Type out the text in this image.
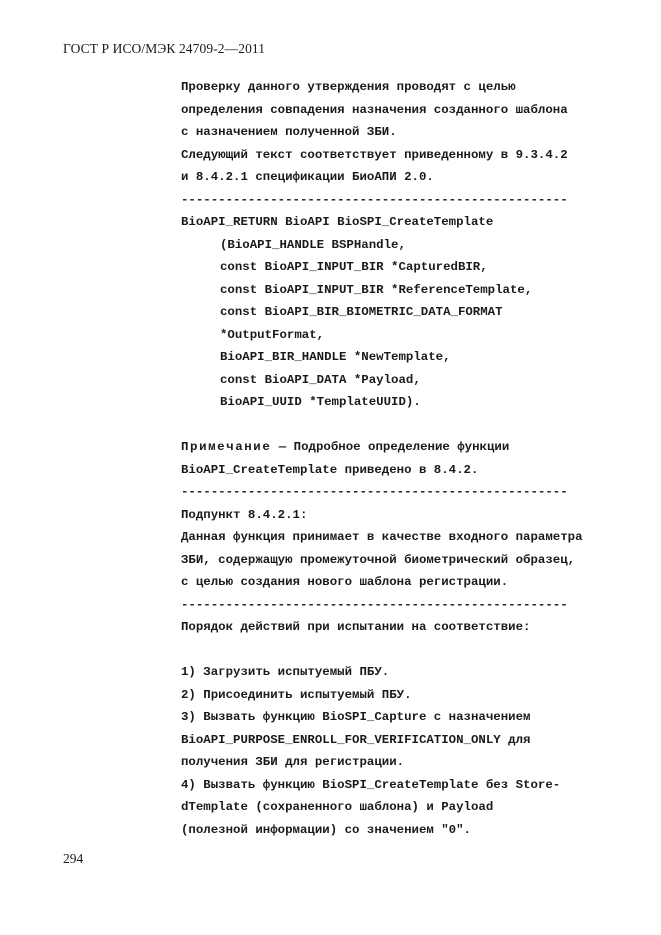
ГОСТ Р ИСО/МЭК 24709-2—2011
Проверку данного утверждения проводят с целью
определения совпадения назначения созданного шаблона
с назначением полученной ЗБИ.
Следующий текст соответствует приведенному в 9.3.4.2
и 8.4.2.1 спецификации БиоАПИ 2.0.
----------------------------------------------------
BioAPI_RETURN BioAPI BioSPI_CreateTemplate
(BioAPI_HANDLE BSPHandle,
const BioAPI_INPUT_BIR *CapturedBIR,
const BioAPI_INPUT_BIR *ReferenceTemplate,
const BioAPI_BIR_BIOMETRIC_DATA_FORMAT
*OutputFormat,
BioAPI_BIR_HANDLE *NewTemplate,
const BioAPI_DATA *Payload,
BioAPI_UUID *TemplateUUID).
Примечание — Подробное определение функции
BioAPI_CreateTemplate приведено в 8.4.2.
----------------------------------------------------
Подпункт 8.4.2.1:
Данная функция принимает в качестве входного параметра
ЗБИ, содержащую промежуточной биометрический образец,
с целью создания нового шаблона регистрации.
----------------------------------------------------
Порядок действий при испытании на соответствие:
1) Загрузить испытуемый ПБУ.
2) Присоединить испытуемый ПБУ.
3) Вызвать функцию BioSPI_Capture с назначением
BioAPI_PURPOSE_ENROLL_FOR_VERIFICATION_ONLY для
получения ЗБИ для регистрации.
4) Вызвать функцию BioSPI_CreateTemplate без Store-
dTemplate (сохраненного шаблона) и Payload
(полезной информации) со значением "0".
294
